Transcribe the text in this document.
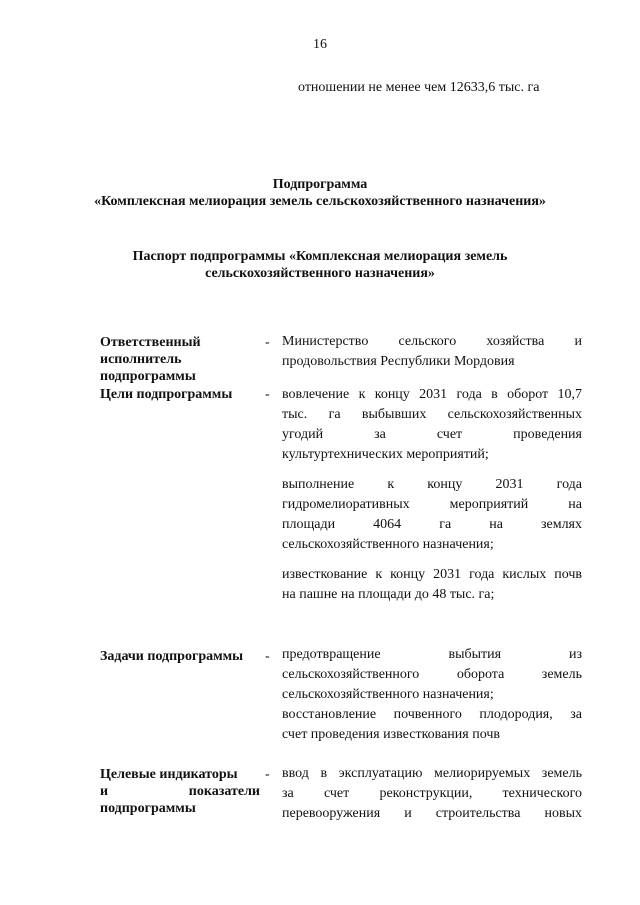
16
отношении не менее чем 12633,6 тыс. га
Подпрограмма
«Комплексная мелиорация земель сельскохозяйственного назначения»
Паспорт подпрограммы «Комплексная мелиорация земель
сельскохозяйственного назначения»
Ответственный
исполнитель
подпрограммы
- Министерство сельского хозяйства и

продовольствия Республики Мордовия

Цели подпрограммы	- вовлечение к концу 2031 года в оборот 10,7

тыс. га выбывших сельскохозяйственных

угодий за счет проведения

культуртехнических мероприятий;

выполнение к концу 2031 года

гидромелиоративных мероприятий на

площади 4064 га на землях

сельскохозяйственного назначения;

известкование к концу 2031 года кислых почв

на пашне на площади до 48 тыс. га;

Задачи подпрограммы	- предотвращение выбытия из

сельскохозяйственного оборота земель

сельскохозяйственного назначения;

восстановление почвенного плодородия, за

счет проведения известкования почв

Целевые индикаторы
и	показатели
подпрограммы
- ввод в эксплуатацию мелиорируемых земель

за счет реконструкции, технического

перевооружения и строительства новых
